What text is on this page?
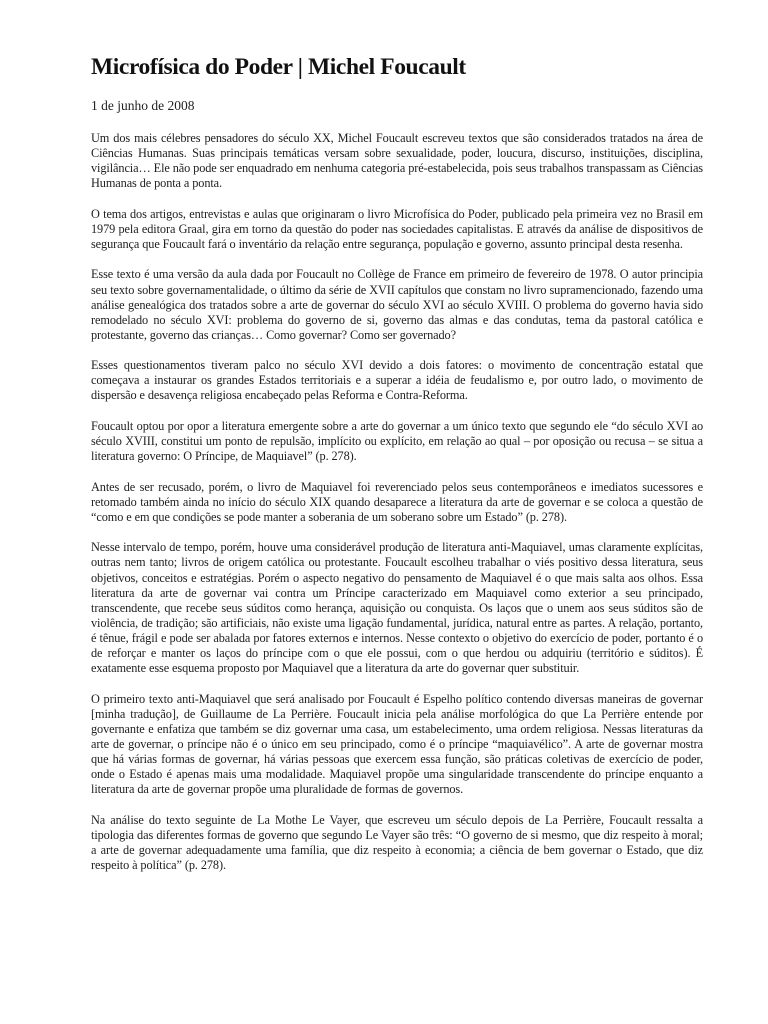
Microfísica do Poder | Michel Foucault
1 de junho de 2008

Um dos mais célebres pensadores do século XX, Michel Foucault escreveu textos que são considerados tratados na área de Ciências Humanas. Suas principais temáticas versam sobre sexualidade, poder, loucura, discurso, instituições, disciplina, vigilância… Ele não pode ser enquadrado em nenhuma categoria pré-estabelecida, pois seus trabalhos transpassam as Ciências Humanas de ponta a ponta.

O tema dos artigos, entrevistas e aulas que originaram o livro Microfísica do Poder, publicado pela primeira vez no Brasil em 1979 pela editora Graal, gira em torno da questão do poder nas sociedades capitalistas. E através da análise de dispositivos de segurança que Foucault fará o inventário da relação entre segurança, população e governo, assunto principal desta resenha.

Esse texto é uma versão da aula dada por Foucault no Collège de France em primeiro de fevereiro de 1978. O autor principia seu texto sobre governamentalidade, o último da série de XVII capítulos que constam no livro supramencionado, fazendo uma análise genealógica dos tratados sobre a arte de governar do século XVI ao século XVIII. O problema do governo havia sido remodelado no século XVI: problema do governo de si, governo das almas e das condutas, tema da pastoral católica e protestante, governo das crianças… Como governar? Como ser governado?

Esses questionamentos tiveram palco no século XVI devido a dois fatores: o movimento de concentração estatal que começava a instaurar os grandes Estados territoriais e a superar a idéia de feudalismo e, por outro lado, o movimento de dispersão e desavença religiosa encabeçado pelas Reforma e Contra-Reforma.

Foucault optou por opor a literatura emergente sobre a arte do governar a um único texto que segundo ele “do século XVI ao século XVIII, constitui um ponto de repulsão, implícito ou explícito, em relação ao qual – por oposição ou recusa – se situa a literatura governo: O Príncipe, de Maquiavel” (p. 278).

Antes de ser recusado, porém, o livro de Maquiavel foi reverenciado pelos seus contemporâneos e imediatos sucessores e retomado também ainda no início do século XIX quando desaparece a literatura da arte de governar e se coloca a questão de “como e em que condições se pode manter a soberania de um soberano sobre um Estado” (p. 278).

Nesse intervalo de tempo, porém, houve uma considerável produção de literatura anti-Maquiavel, umas claramente explícitas, outras nem tanto; livros de origem católica ou protestante. Foucault escolheu trabalhar o viés positivo dessa literatura, seus objetivos, conceitos e estratégias. Porém o aspecto negativo do pensamento de Maquiavel é o que mais salta aos olhos. Essa literatura da arte de governar vai contra um Príncipe caracterizado em Maquiavel como exterior a seu principado, transcendente, que recebe seus súditos como herança, aquisição ou conquista. Os laços que o unem aos seus súditos são de violência, de tradição; são artificiais, não existe uma ligação fundamental, jurídica, natural entre as partes. A relação, portanto, é tênue, frágil e pode ser abalada por fatores externos e internos. Nesse contexto o objetivo do exercício de poder, portanto é o de reforçar e manter os laços do príncipe com o que ele possui, com o que herdou ou adquiriu (território e súditos). É exatamente esse esquema proposto por Maquiavel que a literatura da arte do governar quer substituir.

O primeiro texto anti-Maquiavel que será analisado por Foucault é Espelho político contendo diversas maneiras de governar [minha tradução], de Guillaume de La Perrière. Foucault inicia pela análise morfológica do que La Perrière entende por governante e enfatiza que também se diz governar uma casa, um estabelecimento, uma ordem religiosa. Nessas literaturas da arte de governar, o príncipe não é o único em seu principado, como é o príncipe “maquiavélico”. A arte de governar mostra que há várias formas de governar, há várias pessoas que exercem essa função, são práticas coletivas de exercício de poder, onde o Estado é apenas mais uma modalidade. Maquiavel propõe uma singularidade transcendente do príncipe enquanto a literatura da arte de governar propõe uma pluralidade de formas de governos.

Na análise do texto seguinte de La Mothe Le Vayer, que escreveu um século depois de La Perrière, Foucault ressalta a tipologia das diferentes formas de governo que segundo Le Vayer são três: “O governo de si mesmo, que diz respeito à moral; a arte de governar adequadamente uma família, que diz respeito à economia; a ciência de bem governar o Estado, que diz respeito à política” (p. 278).
